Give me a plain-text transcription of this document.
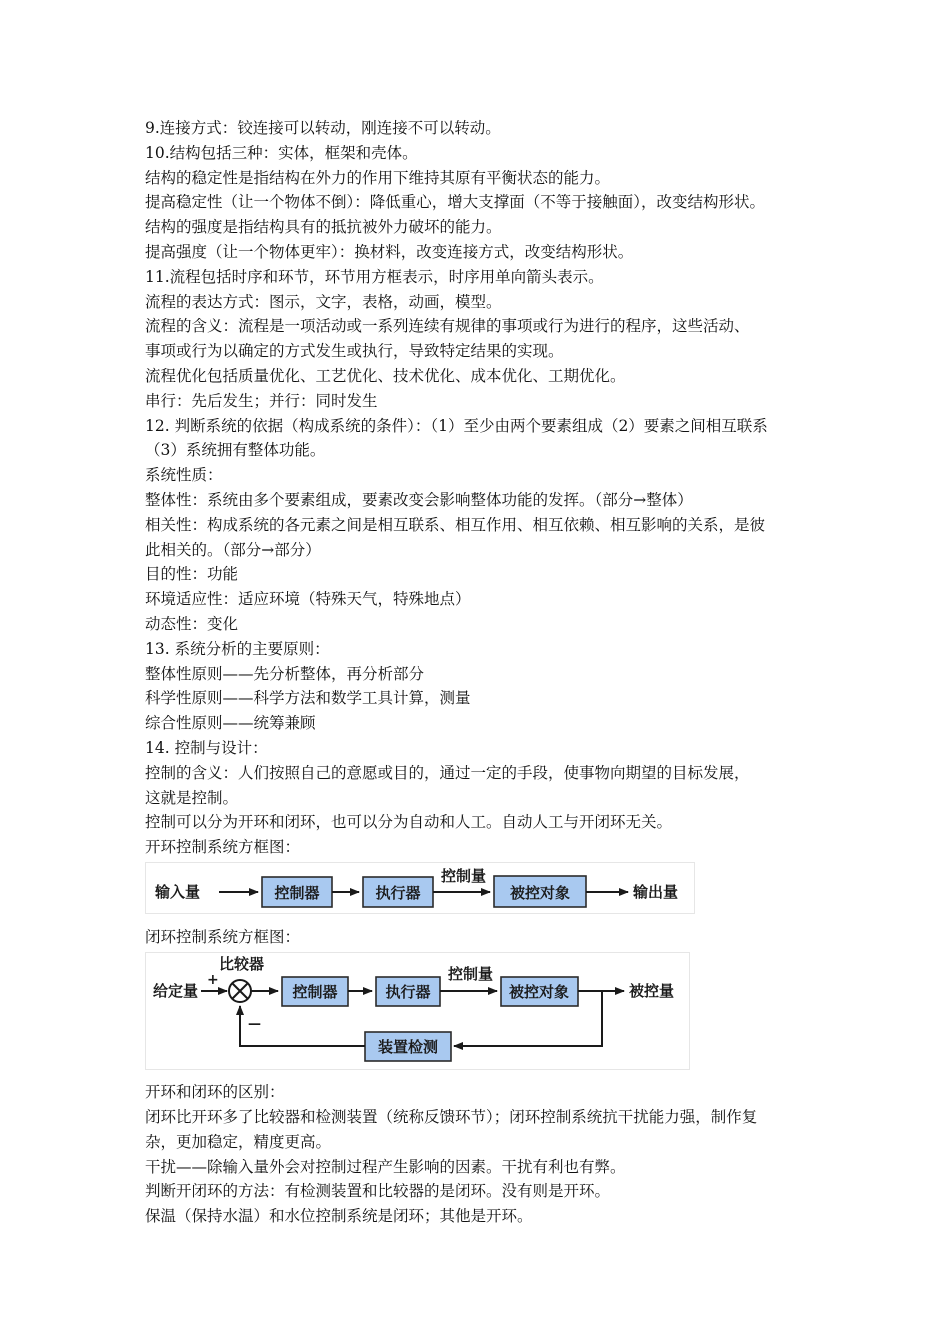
9.连接方式：铰连接可以转动，刚连接不可以转动。
10.结构包括三种：实体，框架和壳体。
结构的稳定性是指结构在外力的作用下维持其原有平衡状态的能力。
提高稳定性（让一个物体不倒）：降低重心，增大支撑面（不等于接触面），改变结构形状。
结构的强度是指结构具有的抵抗被外力破坏的能力。
提高强度（让一个物体更牢）：换材料，改变连接方式，改变结构形状。
11.流程包括时序和环节，环节用方框表示，时序用单向箭头表示。
流程的表达方式：图示，文字，表格，动画，模型。
流程的含义：流程是一项活动或一系列连续有规律的事项或行为进行的程序，这些活动、
事项或行为以确定的方式发生或执行，导致特定结果的实现。
流程优化包括质量优化、工艺优化、技术优化、成本优化、工期优化。
串行：先后发生；并行：同时发生
12. 判断系统的依据（构成系统的条件）：（1）至少由两个要素组成（2）要素之间相互联系
（3）系统拥有整体功能。
系统性质：
整体性：系统由多个要素组成，要素改变会影响整体功能的发挥。（部分→整体）
相关性：构成系统的各元素之间是相互联系、相互作用、相互依赖、相互影响的关系，是彼
此相关的。（部分→部分）
目的性：功能
环境适应性：适应环境（特殊天气，特殊地点）
动态性：变化
13. 系统分析的主要原则：
整体性原则——先分析整体，再分析部分
科学性原则——科学方法和数学工具计算，测量
综合性原则——统筹兼顾
14. 控制与设计：
控制的含义：人们按照自己的意愿或目的，通过一定的手段，使事物向期望的目标发展，
这就是控制。
控制可以分为开环和闭环，也可以分为自动和人工。自动人工与开闭环无关。
开环控制系统方框图：
输入量	控制器	执行器
控制量
被控对象	输出量
闭环控制系统方框图：
给定量
+
比较器
控制器	执行器
控制量
被控对象	被控量
装置检测
—
开环和闭环的区别：
闭环比开环多了比较器和检测装置（统称反馈环节）；闭环控制系统抗干扰能力强，制作复
杂，更加稳定，精度更高。
干扰——除输入量外会对控制过程产生影响的因素。干扰有利也有弊。
判断开闭环的方法：有检测装置和比较器的是闭环。没有则是开环。
保温（保持水温）和水位控制系统是闭环；其他是开环。
